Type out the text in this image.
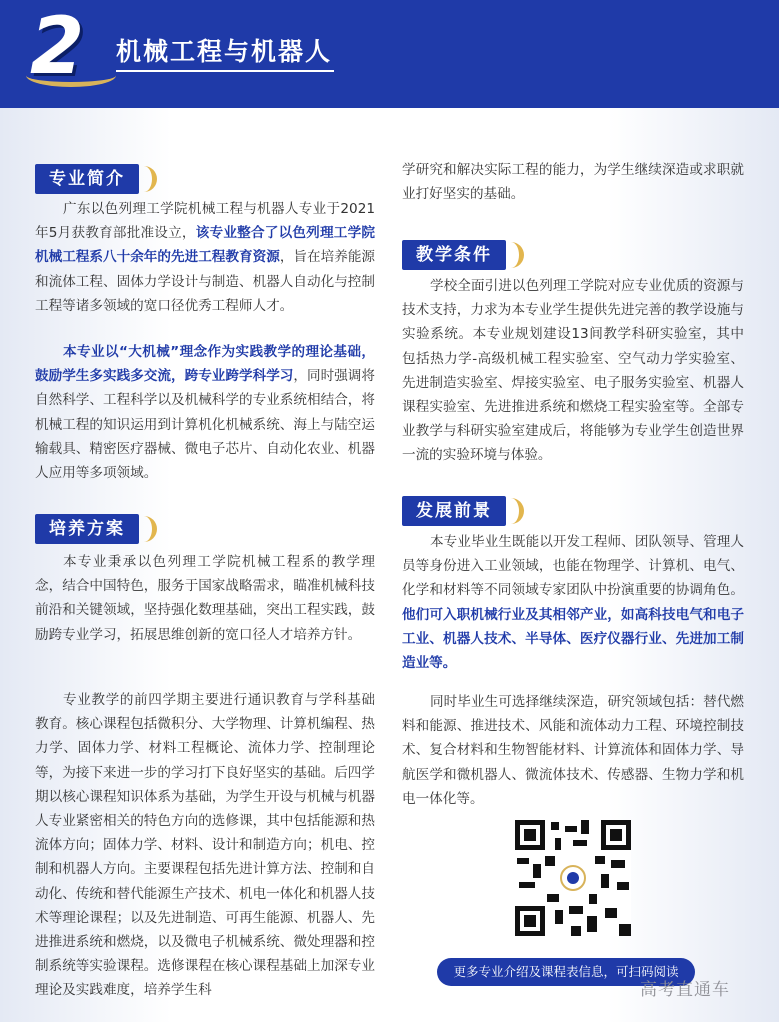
2	机械工程与机器人
专业简介
广东以色列理工学院机械工程与机器人专业于2021年5月获教育部批准设立，该专业整合了以色列理工学院机械工程系八十余年的先进工程教育资源，旨在培养能源和流体工程、固体力学设计与制造、机器人自动化与控制工程等诸多领域的宽口径优秀工程师人才。
本专业以“大机械”理念作为实践教学的理论基础，鼓励学生多实践多交流，跨专业跨学科学习，同时强调将自然科学、工程科学以及机械科学的专业系统相结合，将机械工程的知识运用到计算机化机械系统、海上与陆空运输载具、精密医疗器械、微电子芯片、自动化农业、机器人应用等多项领域。
培养方案
本专业秉承以色列理工学院机械工程系的教学理念，结合中国特色，服务于国家战略需求，瞄准机械科技前沿和关键领域，坚持强化数理基础，突出工程实践，鼓励跨专业学习，拓展思维创新的宽口径人才培养方针。
专业教学的前四学期主要进行通识教育与学科基础教育。核心课程包括微积分、大学物理、计算机编程、热力学、固体力学、材料工程概论、流体力学、控制理论等，为接下来进一步的学习打下良好坚实的基础。后四学期以核心课程知识体系为基础，为学生开设与机械与机器人专业紧密相关的特色方向的选修课，其中包括能源和热流体方向；固体力学、材料、设计和制造方向；机电、控制和机器人方向。主要课程包括先进计算方法、控制和自动化、传统和替代能源生产技术、机电一体化和机器人技术等理论课程；以及先进制造、可再生能源、机器人、先进推进系统和燃烧，以及微电子机械系统、微处理器和控制系统等实验课程。选修课程在核心课程基础上加深专业理论及实践难度，培养学生科
学研究和解决实际工程的能力，为学生继续深造或求职就业打好坚实的基础。
教学条件
学校全面引进以色列理工学院对应专业优质的资源与技术支持，力求为本专业学生提供先进完善的教学设施与实验系统。本专业规划建设13间教学科研实验室，其中包括热力学-高级机械工程实验室、空气动力学实验室、先进制造实验室、焊接实验室、电子服务实验室、机器人课程实验室、先进推进系统和燃烧工程实验室等。全部专业教学与科研实验室建成后，将能够为专业学生创造世界一流的实验环境与体验。
发展前景
本专业毕业生既能以开发工程师、团队领导、管理人员等身份进入工业领域，也能在物理学、计算机、电气、化学和材料等不同领域专家团队中扮演重要的协调角色。他们可入职机械行业及其相邻产业，如高科技电气和电子工业、机器人技术、半导体、医疗仪器行业、先进加工制造业等。
同时毕业生可选择继续深造，研究领域包括：替代燃料和能源、推进技术、风能和流体动力工程、环境控制技术、复合材料和生物智能材料、计算流体和固体力学、导航医学和微机器人、微流体技术、传感器、生物力学和机电一体化等。
更多专业介绍及课程表信息，可扫码阅读
高考直通车
